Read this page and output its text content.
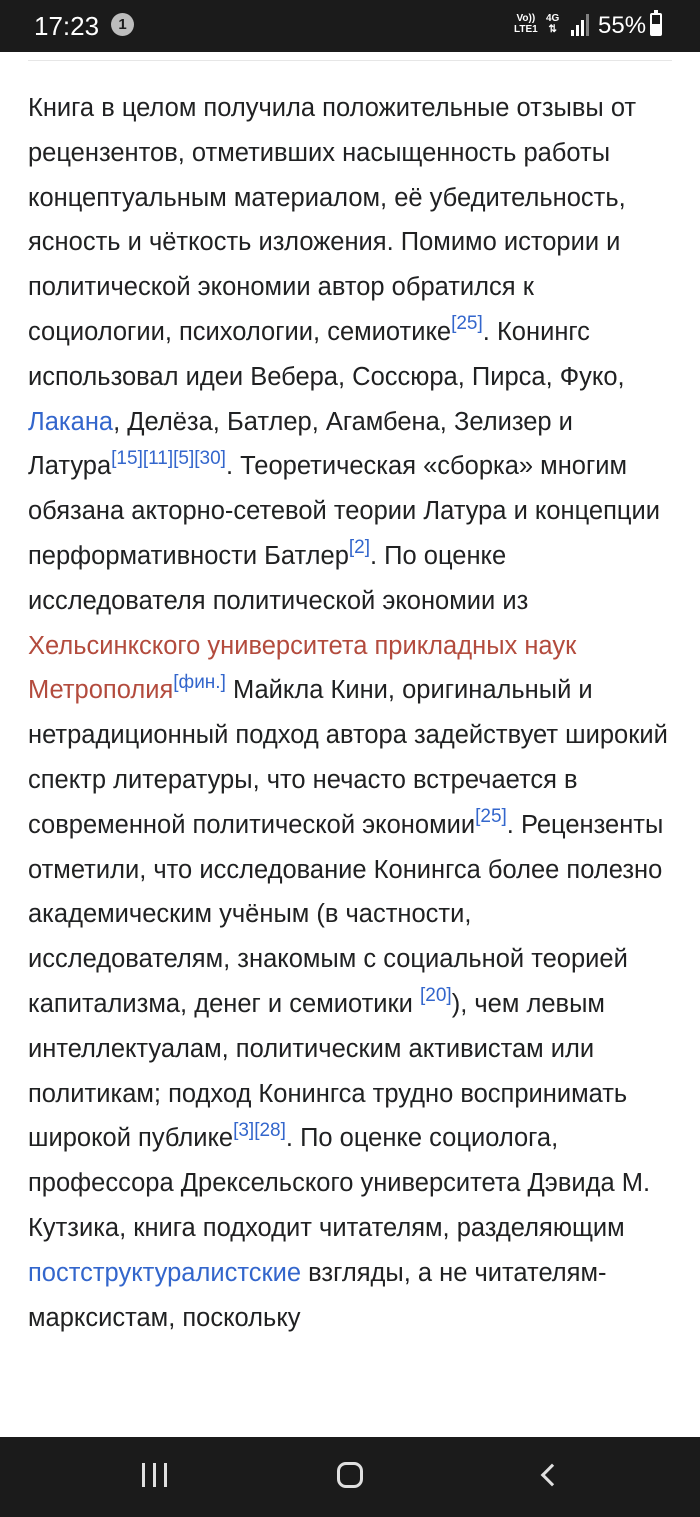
17:23	1	Vo))
LTE1
4G
⇅ 55%

Книга в целом получила положительные отзывы от рецензентов, отметивших насыщенность работы концептуальным материалом, её убедительность, ясность и чёткость изложения. Помимо истории и политической экономии автор обратился к социологии, психологии, семиотике[25]. Конингс использовал идеи Вебера, Соссюра, Пирса, Фуко, Лакана, Делёза, Батлер, Агамбена, Зелизер и Латура[15][11][5][30]. Теоретическая «сборка» многим обязана акторно-сетевой теории Латура и концепции перформативности Батлер[2]. По оценке исследователя политической экономии из Хельсинкского университета прикладных наук Метрополия[фин.] Майкла Кини, оригинальный и нетрадиционный подход автора задействует широкий спектр литературы, что нечасто встречается в современной политической экономии[25]. Рецензенты отметили, что исследование Конингса более полезно академическим учёным (в частности, исследователям, знакомым с социальной теорией капитализма, денег и семиотики [20]), чем левым интеллектуалам, политическим активистам или политикам; подход Конингса трудно воспринимать широкой публике[3][28]. По оценке социолога, профессора Дрексельского университета Дэвида М. Кутзика, книга подходит читателям, разделяющим постструктуралистские взгляды, а не читателям-марксистам, поскольку
